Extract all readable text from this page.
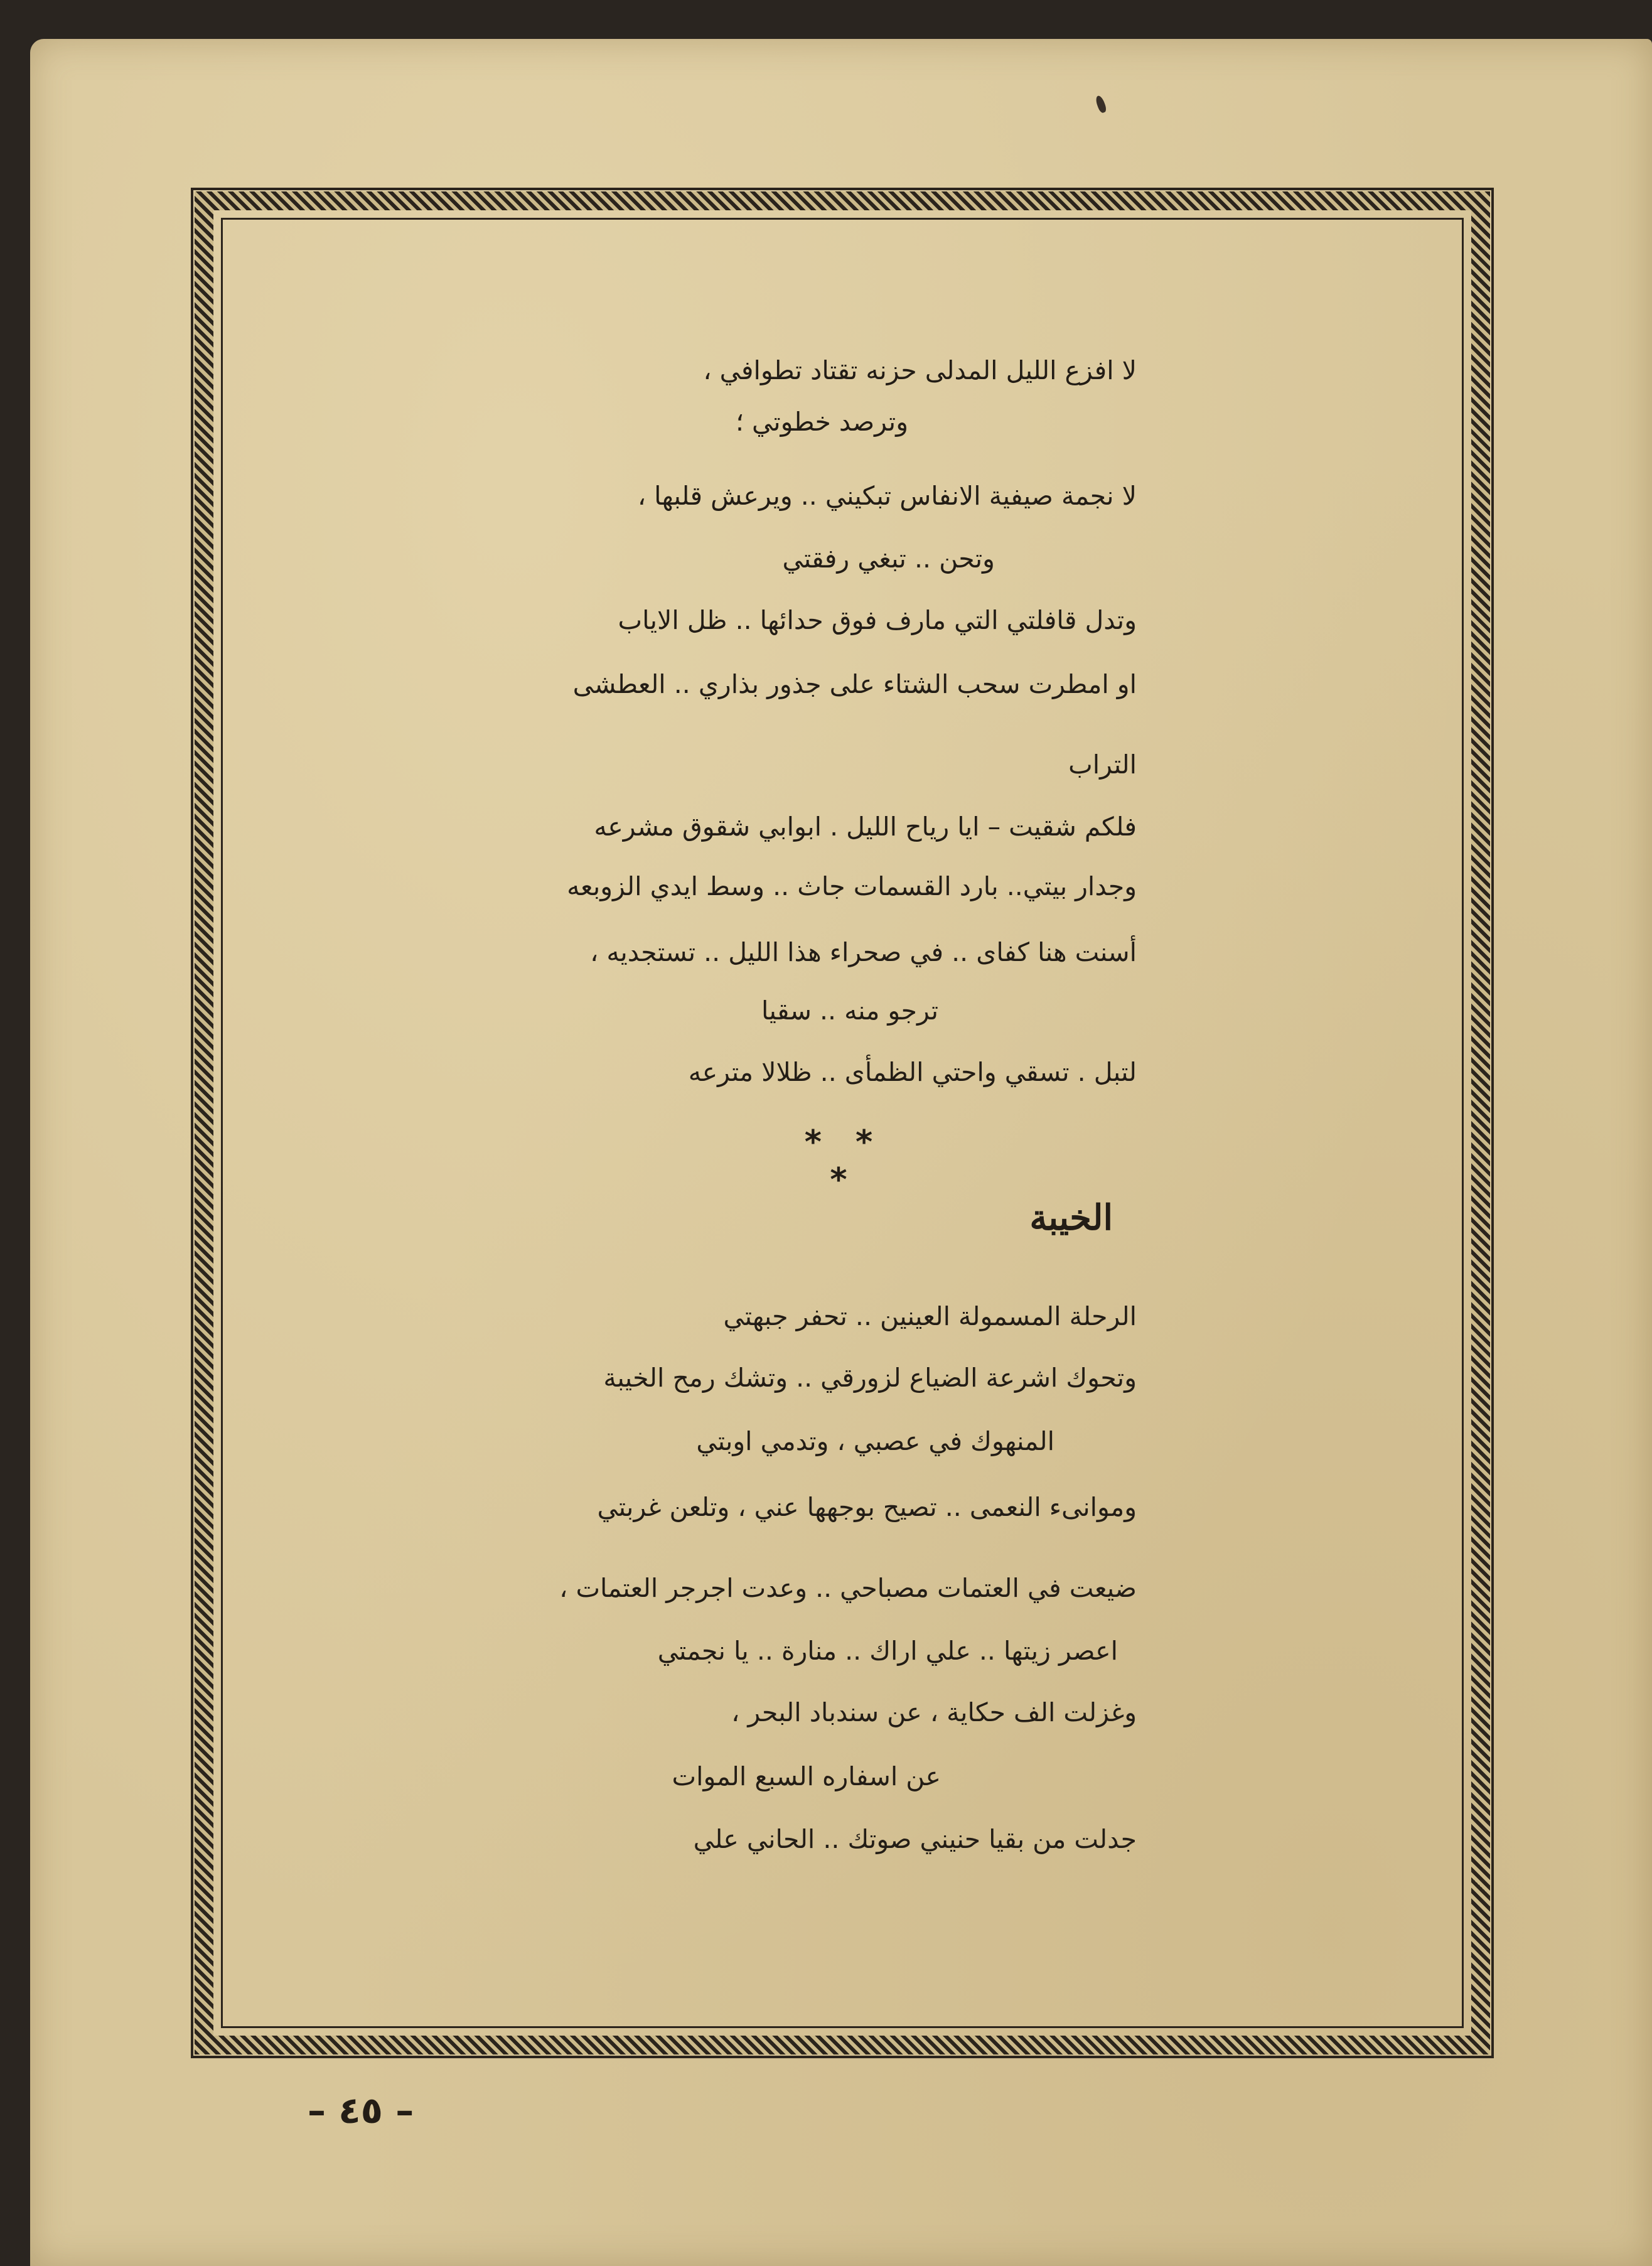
لا افزع الليل المدلى حزنه تقتاد تطوافي ،
وترصد خطوتي ؛
لا نجمة صيفية الانفاس تبكيني .. ويرعش قلبها ،
وتحن .. تبغي رفقتي
وتدل قافلتي التي مارف فوق حدائها .. ظل الاياب
او امطرت سحب الشتاء على جذور بذاري .. العطشى
التراب
فلكم شقيت – ايا رياح الليل . ابوابي شقوق مشرعه
وجدار بيتي.. بارد القسمات جاث .. وسط ايدي الزوبعه
أسنت هنا كفاى .. في صحراء هذا الليل .. تستجديه ،
ترجو منه .. سقيا
لتبل . تسقي واحتي الظمأى .. ظلالا مترعه
* * *
الخيبة
الرحلة المسمولة العينين .. تحفر جبهتي
وتحوك اشرعة الضياع لزورقي .. وتشك رمح الخيبة
المنهوك في عصبي ، وتدمي اوبتي
وموانىء النعمى .. تصيح بوجهها عني ، وتلعن غربتي
ضيعت في العتمات مصباحي .. وعدت اجرجر العتمات ،
اعصر زيتها .. علي اراك .. منارة .. يا نجمتي
وغزلت الف حكاية ، عن سندباد البحر ،
عن اسفاره السبع الموات
جدلت من بقيا حنيني صوتك .. الحاني علي
– ٤٥ –
